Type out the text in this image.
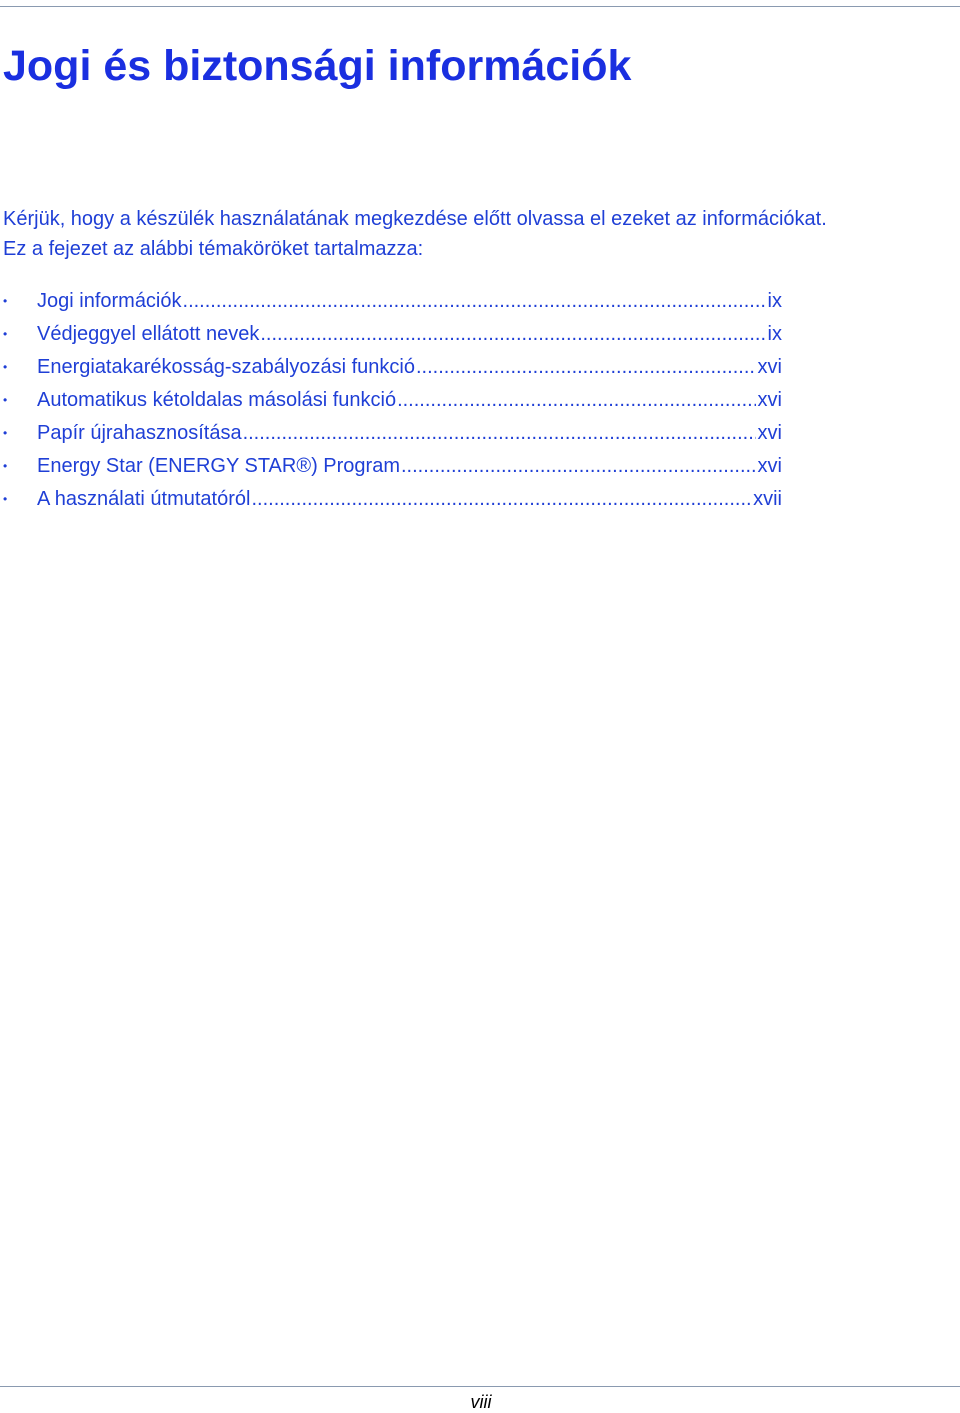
Jogi és biztonsági információk

Kérjük, hogy a készülék használatának megkezdése előtt olvassa el ezeket az információkat.

Ez a fejezet az alábbi témaköröket tartalmazza:

• Jogi információk .....	ix
• Védjeggyel ellátott nevek .....	ix
• Energiatakarékosság-szabályozási funkció .....	xvi
• Automatikus kétoldalas másolási funkció .....	xvi
• Papír újrahasznosítása .....	xvi
• Energy Star (ENERGY STAR®) Program .....	xvi
• A használati útmutatóról .....	xvii
viii
